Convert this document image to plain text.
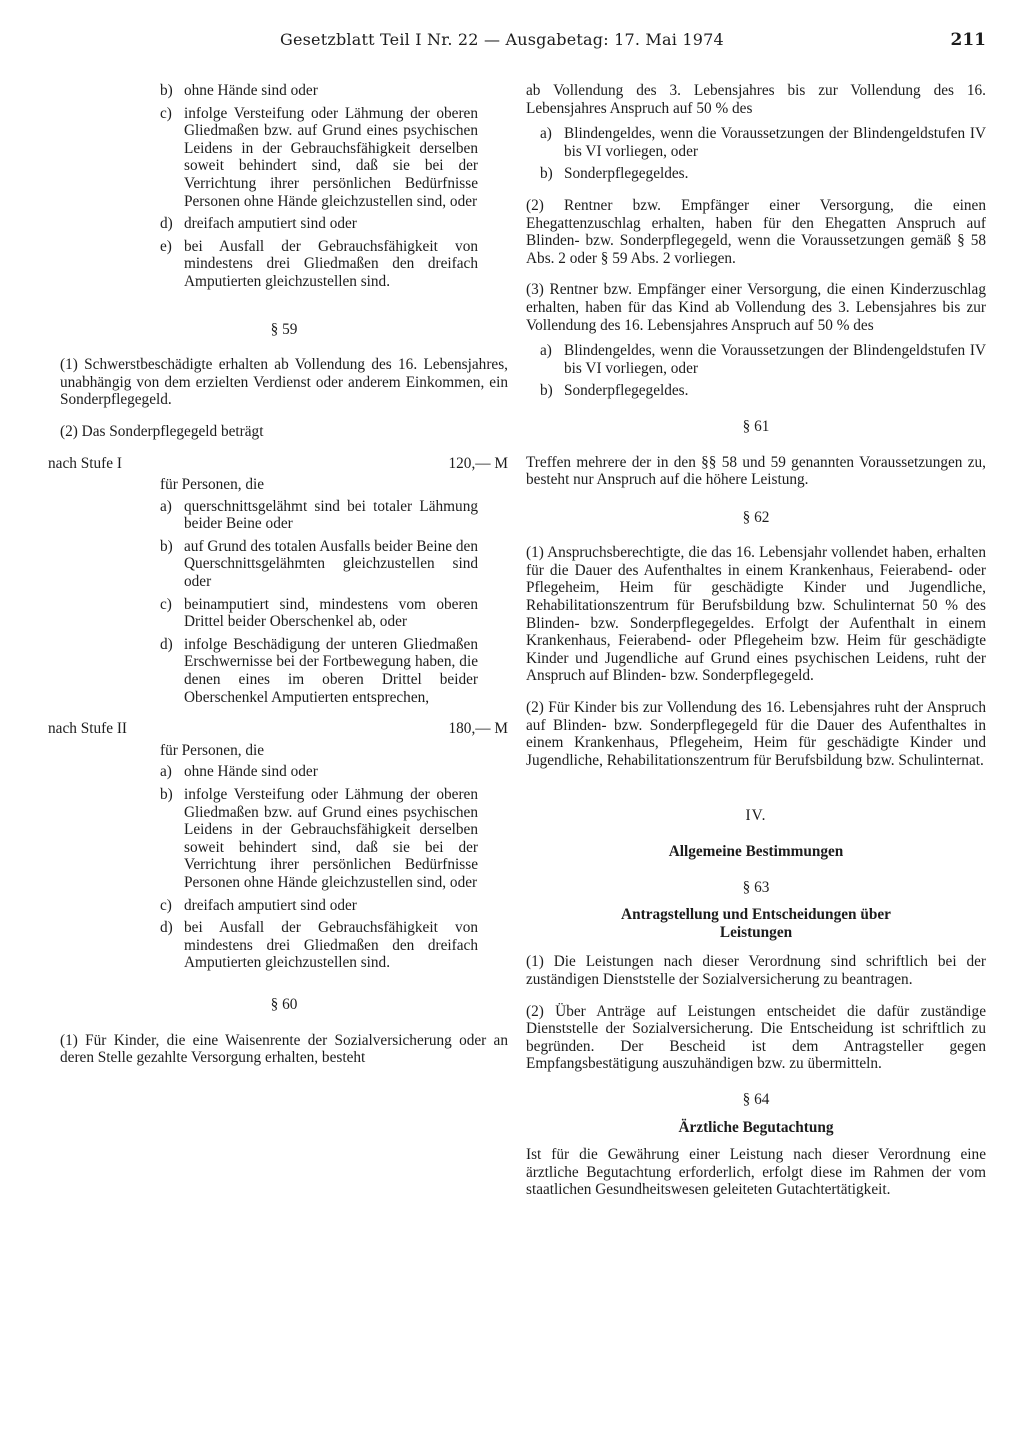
Gesetzblatt Teil I Nr. 22 — Ausgabetag: 17. Mai 1974	211
b) ohne Hände sind oder
c) infolge Versteifung oder Lähmung der oberen Gliedmaßen bzw. auf Grund eines psychischen Leidens in der Gebrauchsfähigkeit derselben soweit behindert sind, daß sie bei der Verrichtung ihrer persönlichen Bedürfnisse Personen ohne Hände gleichzustellen sind, oder
d) dreifach amputiert sind oder
e) bei Ausfall der Gebrauchsfähigkeit von mindestens drei Gliedmaßen den dreifach Amputierten gleichzustellen sind.
§ 59

(1) Schwerstbeschädigte erhalten ab Vollendung des 16. Lebensjahres, unabhängig von dem erzielten Verdienst oder anderem Einkommen, ein Sonderpflegegeld.

(2) Das Sonderpflegegeld beträgt

nach Stufe I	120,— M
für Personen, die
a) querschnittsgelähmt sind bei totaler Lähmung beider Beine oder
b) auf Grund des totalen Ausfalls beider Beine den Querschnittsgelähmten gleichzustellen sind oder
c) beinamputiert sind, mindestens vom oberen Drittel beider Oberschenkel ab, oder
d) infolge Beschädigung der unteren Gliedmaßen Erschwernisse bei der Fortbewegung haben, die denen eines im oberen Drittel beider Oberschenkel Amputierten entsprechen,
nach Stufe II	180,— M
für Personen, die
a) ohne Hände sind oder
b) infolge Versteifung oder Lähmung der oberen Gliedmaßen bzw. auf Grund eines psychischen Leidens in der Gebrauchsfähigkeit derselben soweit behindert sind, daß sie bei der Verrichtung ihrer persönlichen Bedürfnisse Personen ohne Hände gleichzustellen sind, oder
c) dreifach amputiert sind oder
d) bei Ausfall der Gebrauchsfähigkeit von mindestens drei Gliedmaßen den dreifach Amputierten gleichzustellen sind.
§ 60

(1) Für Kinder, die eine Waisenrente der Sozialversicherung oder an deren Stelle gezahlte Versorgung erhalten, besteht

ab Vollendung des 3. Lebensjahres bis zur Vollendung des 16. Lebensjahres Anspruch auf 50 % des

a) Blindengeldes, wenn die Voraussetzungen der Blindengeldstufen IV bis VI vorliegen, oder
b) Sonderpflegegeldes.

(2) Rentner bzw. Empfänger einer Versorgung, die einen Ehegattenzuschlag erhalten, haben für den Ehegatten Anspruch auf Blinden- bzw. Sonderpflegegeld, wenn die Voraussetzungen gemäß § 58 Abs. 2 oder § 59 Abs. 2 vorliegen.

(3) Rentner bzw. Empfänger einer Versorgung, die einen Kinderzuschlag erhalten, haben für das Kind ab Vollendung des 3. Lebensjahres bis zur Vollendung des 16. Lebensjahres Anspruch auf 50 % des

a) Blindengeldes, wenn die Voraussetzungen der Blindengeldstufen IV bis VI vorliegen, oder
b) Sonderpflegegeldes.
§ 61

Treffen mehrere der in den §§ 58 und 59 genannten Voraussetzungen zu, besteht nur Anspruch auf die höhere Leistung.

§ 62

(1) Anspruchsberechtigte, die das 16. Lebensjahr vollendet haben, erhalten für die Dauer des Aufenthaltes in einem Krankenhaus, Feierabend- oder Pflegeheim, Heim für geschädigte Kinder und Jugendliche, Rehabilitationszentrum für Berufsbildung bzw. Schulinternat 50 % des Blinden- bzw. Sonderpflegegeldes. Erfolgt der Aufenthalt in einem Krankenhaus, Feierabend- oder Pflegeheim bzw. Heim für geschädigte Kinder und Jugendliche auf Grund eines psychischen Leidens, ruht der Anspruch auf Blinden- bzw. Sonderpflegegeld.

(2) Für Kinder bis zur Vollendung des 16. Lebensjahres ruht der Anspruch auf Blinden- bzw. Sonderpflegegeld für die Dauer des Aufenthaltes in einem Krankenhaus, Pflegeheim, Heim für geschädigte Kinder und Jugendliche, Rehabilitationszentrum für Berufsbildung bzw. Schulinternat.

IV.
Allgemeine Bestimmungen
§ 63
Antragstellung und Entscheidungen über Leistungen

(1) Die Leistungen nach dieser Verordnung sind schriftlich bei der zuständigen Dienststelle der Sozialversicherung zu beantragen.

(2) Über Anträge auf Leistungen entscheidet die dafür zuständige Dienststelle der Sozialversicherung. Die Entscheidung ist schriftlich zu begründen. Der Bescheid ist dem Antragsteller gegen Empfangsbestätigung auszuhändigen bzw. zu übermitteln.

§ 64
Ärztliche Begutachtung

Ist für die Gewährung einer Leistung nach dieser Verordnung eine ärztliche Begutachtung erforderlich, erfolgt diese im Rahmen der vom staatlichen Gesundheitswesen geleiteten Gutachtertätigkeit.
